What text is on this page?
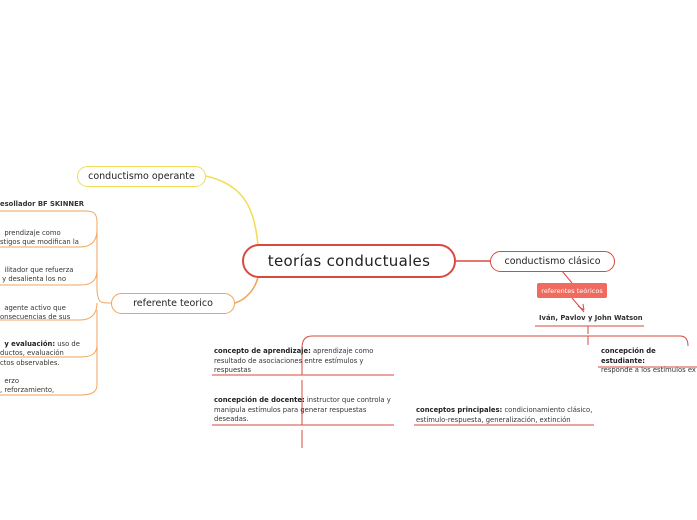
teorías conductuales
conductismo operante
referente teorico
conductismo clásico
referentes teóricos
Iván, Pavlov y John Watson
concepto de aprendizaje: aprendizaje como resultado de asociaciones entre estímulos y respuestas
concepción de docente: instructor que controla y manipula estímulos para generar respuestas deseadas.
conceptos principales: condicionamiento clásico, estímulo-respuesta, generalización, extinción
concepción de estudiante:
responde a los estímulos ex
esollador BF SKINNER

prendizaje como
stigos que modifican la

ilitador que refuerza
y desalienta los no

agente activo que
onsecuencias de sus

y evaluación: uso de
ductos, evaluación
ctos observables.

erzo
, reforzamiento,
